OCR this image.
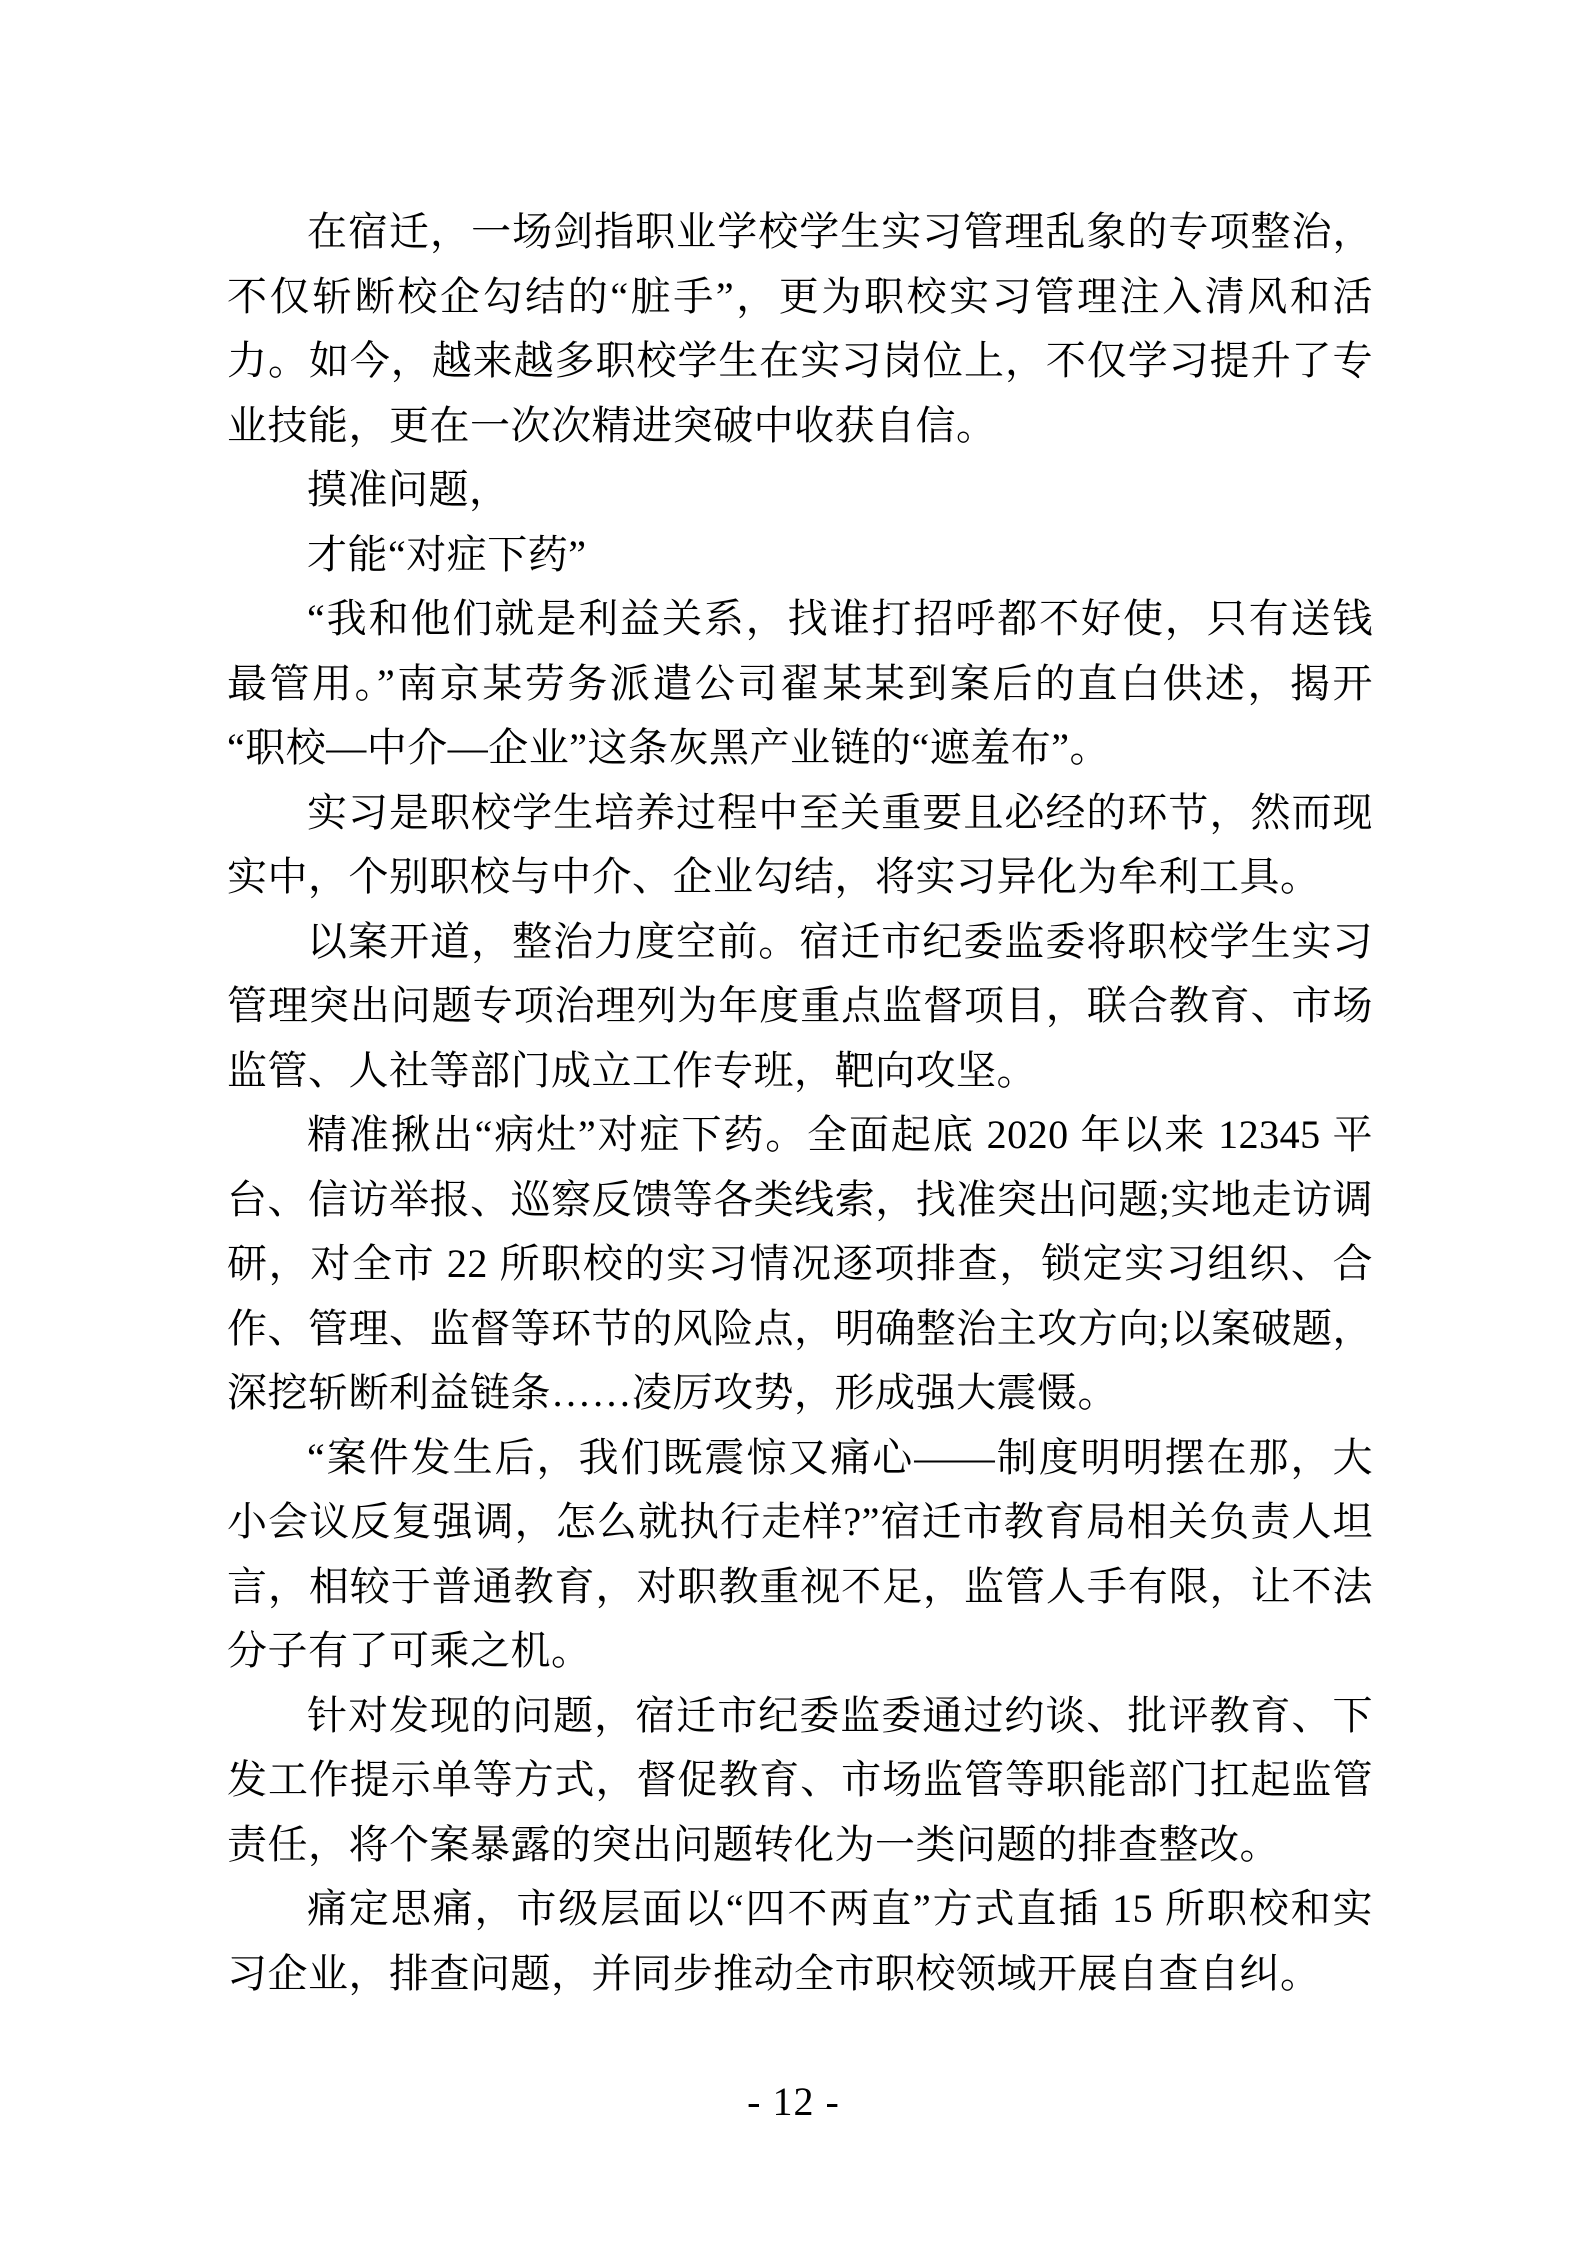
在宿迁，一场剑指职业学校学生实习管理乱象的专项整治，不仅斩断校企勾结的“脏手”，更为职校实习管理注入清风和活力。如今，越来越多职校学生在实习岗位上，不仅学习提升了专业技能，更在一次次精进突破中收获自信。

摸准问题，

才能“对症下药”

“我和他们就是利益关系，找谁打招呼都不好使，只有送钱最管用。”南京某劳务派遣公司翟某某到案后的直白供述，揭开“职校—中介—企业”这条灰黑产业链的“遮羞布”。

实习是职校学生培养过程中至关重要且必经的环节，然而现实中，个别职校与中介、企业勾结，将实习异化为牟利工具。

以案开道，整治力度空前。宿迁市纪委监委将职校学生实习管理突出问题专项治理列为年度重点监督项目，联合教育、市场监管、人社等部门成立工作专班，靶向攻坚。

精准揪出“病灶”对症下药。全面起底 2020 年以来 12345 平台、信访举报、巡察反馈等各类线索，找准突出问题;实地走访调研，对全市 22 所职校的实习情况逐项排查，锁定实习组织、合作、管理、监督等环节的风险点，明确整治主攻方向;以案破题，深挖斩断利益链条……凌厉攻势，形成强大震慑。

“案件发生后，我们既震惊又痛心——制度明明摆在那，大小会议反复强调，怎么就执行走样?”宿迁市教育局相关负责人坦言，相较于普通教育，对职教重视不足，监管人手有限，让不法分子有了可乘之机。

针对发现的问题，宿迁市纪委监委通过约谈、批评教育、下发工作提示单等方式，督促教育、市场监管等职能部门扛起监管责任，将个案暴露的突出问题转化为一类问题的排查整改。

痛定思痛，市级层面以“四不两直”方式直插 15 所职校和实习企业，排查问题，并同步推动全市职校领域开展自查自纠。

- 12 -
